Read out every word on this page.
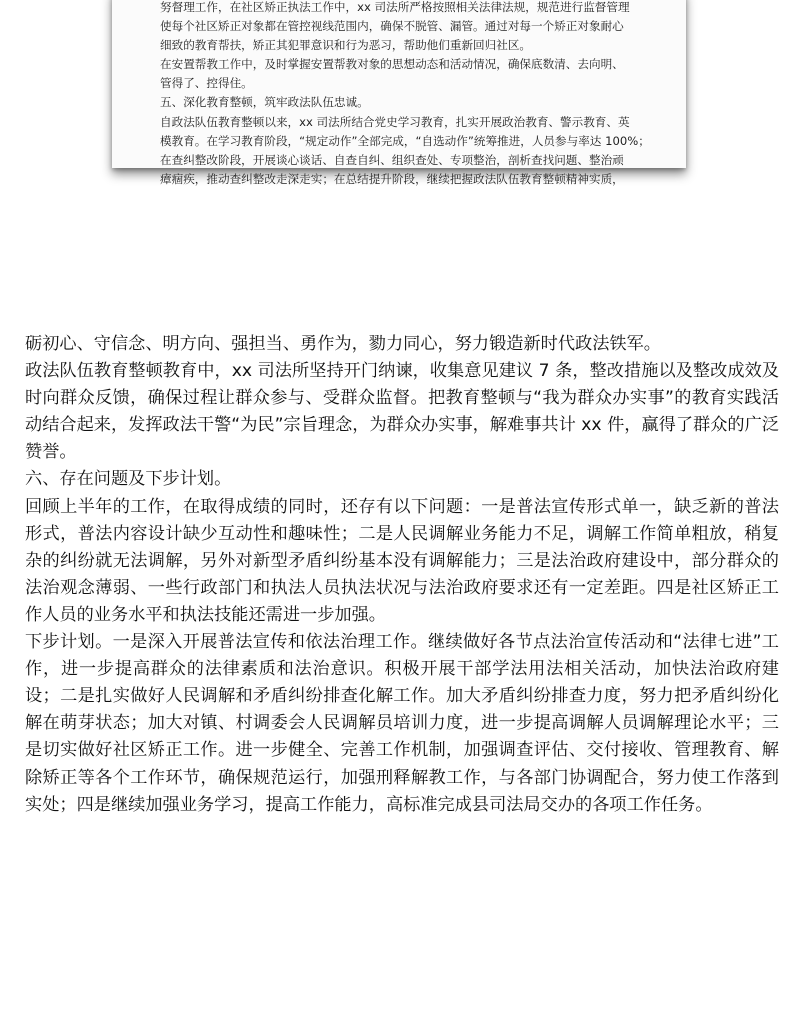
努督理工作，在社区矫正执法工作中，xx 司法所严格按照相关法律法规，规范进行监督管理

使每个社区矫正对象都在管控视线范围内，确保不脱管、漏管。通过对每一个矫正对象耐心

细致的教育帮扶，矫正其犯罪意识和行为恶习，帮助他们重新回归社区。

在安置帮教工作中，及时掌握安置帮教对象的思想动态和活动情况，确保底数清、去向明、

管得了、控得住。

五、深化教育整顿，筑牢政法队伍忠诚。

自政法队伍教育整顿以来，xx 司法所结合党史学习教育，扎实开展政治教育、警示教育、英

模教育。在学习教育阶段，“规定动作”全部完成，“自选动作”统筹推进，人员参与率达 100%；

在查纠整改阶段，开展谈心谈话、自查自纠、组织查处、专项整治，剖析查找问题、整治顽

瘴痼疾，推动查纠整改走深走实；在总结提升阶段，继续把握政法队伍教育整顿精神实质，

砺初心、守信念、明方向、强担当、勇作为，勠力同心，努力锻造新时代政法铁军。

政法队伍教育整顿教育中，xx 司法所坚持开门纳谏，收集意见建议 7 条，整改措施以及整改成效及时向群众反馈，确保过程让群众参与、受群众监督。把教育整顿与“我为群众办实事”的教育实践活动结合起来，发挥政法干警“为民”宗旨理念，为群众办实事，解难事共计 xx 件，赢得了群众的广泛赞誉。

六、存在问题及下步计划。

回顾上半年的工作，在取得成绩的同时，还存有以下问题：一是普法宣传形式单一，缺乏新的普法形式，普法内容设计缺少互动性和趣味性；二是人民调解业务能力不足，调解工作简单粗放，稍复杂的纠纷就无法调解，另外对新型矛盾纠纷基本没有调解能力；三是法治政府建设中，部分群众的法治观念薄弱、一些行政部门和执法人员执法状况与法治政府要求还有一定差距。四是社区矫正工作人员的业务水平和执法技能还需进一步加强。

下步计划。一是深入开展普法宣传和依法治理工作。继续做好各节点法治宣传活动和“法律七进”工作，进一步提高群众的法律素质和法治意识。积极开展干部学法用法相关活动，加快法治政府建设；二是扎实做好人民调解和矛盾纠纷排查化解工作。加大矛盾纠纷排查力度，努力把矛盾纠纷化解在萌芽状态；加大对镇、村调委会人民调解员培训力度，进一步提高调解人员调解理论水平；三是切实做好社区矫正工作。进一步健全、完善工作机制，加强调查评估、交付接收、管理教育、解除矫正等各个工作环节，确保规范运行，加强刑释解教工作，与各部门协调配合，努力使工作落到实处；四是继续加强业务学习，提高工作能力，高标准完成县司法局交办的各项工作任务。
